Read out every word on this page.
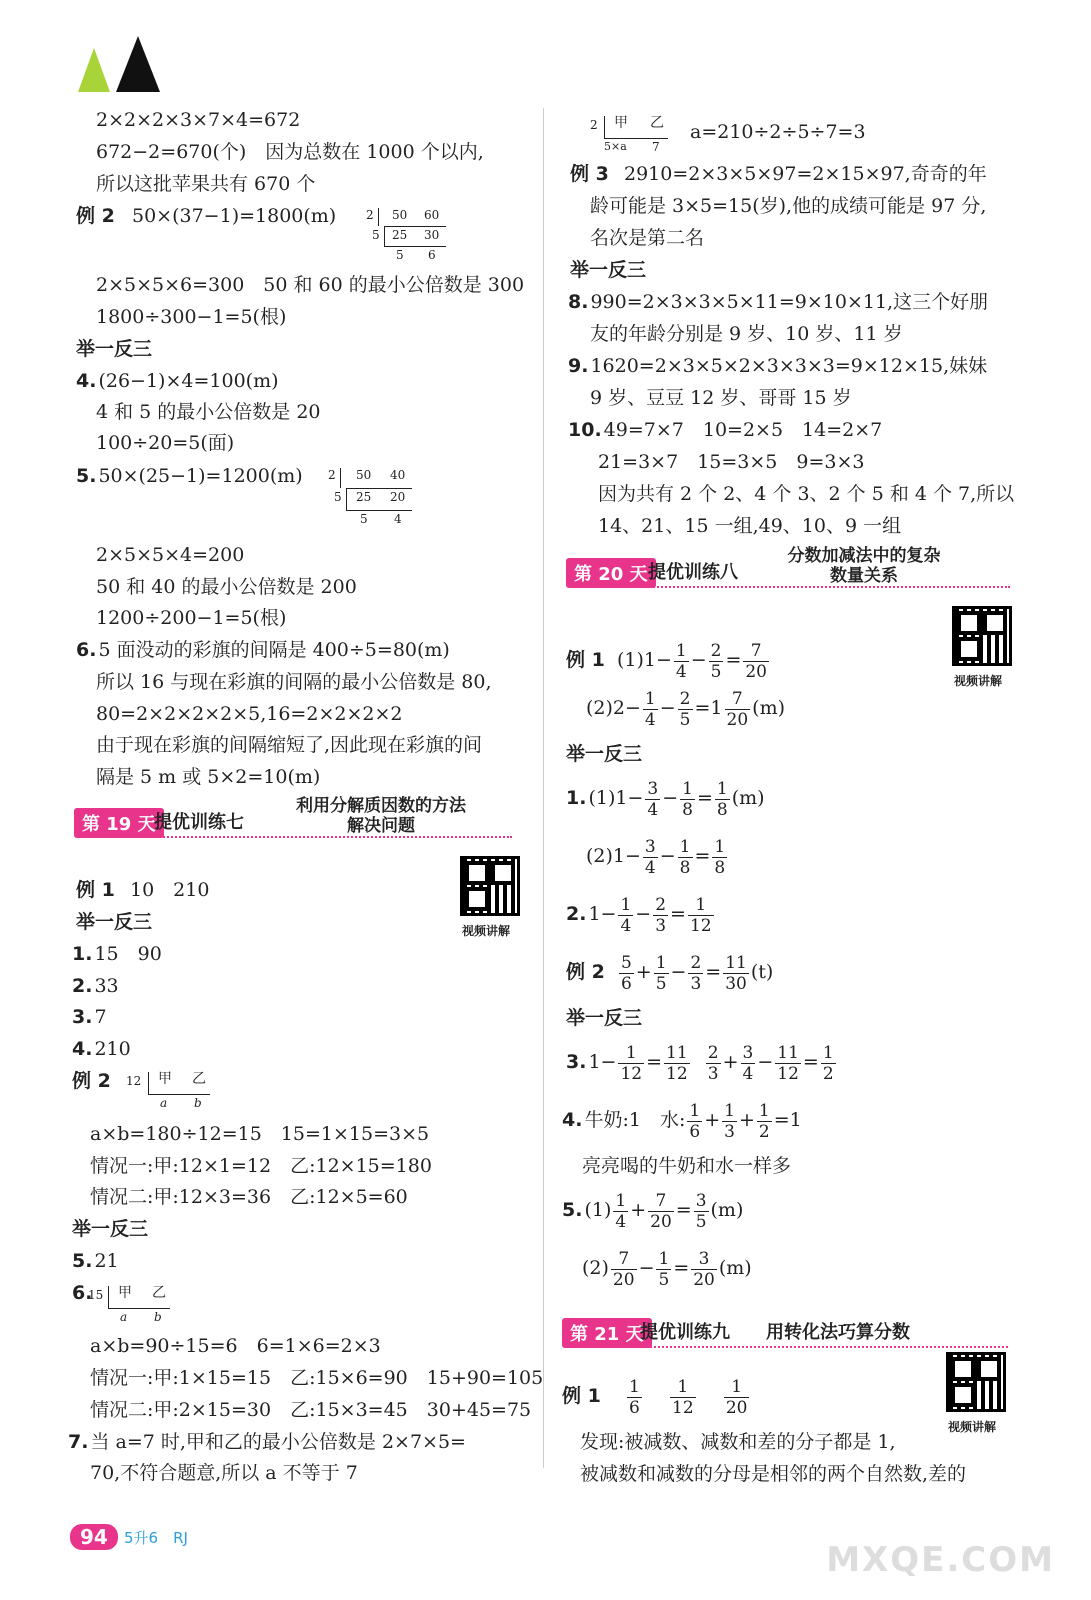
2×2×2×3×7×4=672
672−2=670(个)　因为总数在 1000 个以内,
所以这批苹果共有 670 个
例 2 50×(37−1)=1800(m) 2 50 60
5 25 30
5 6
2×5×5×6=300　50 和 60 的最小公倍数是 300
1800÷300−1=5(根)
举一反三
4. (26−1)×4=100(m)
4 和 5 的最小公倍数是 20
100÷20=5(面)
5. 50×(25−1)=1200(m) 2 50 40
5 25 20
5 4
2×5×5×4=200
50 和 40 的最小公倍数是 200
1200÷200−1=5(根)
6. 5 面没动的彩旗的间隔是 400÷5=80(m)
所以 16 与现在彩旗的间隔的最小公倍数是 80,
80=2×2×2×2×5,16=2×2×2×2
由于现在彩旗的间隔缩短了,因此现在彩旗的间
隔是 5 m 或 5×2=10(m)
第 19 天
提优训练七
利用分解质因数的方法
解决问题
视频讲解
例 1 10　210
举一反三
1. 15　90
2. 33
3. 7
4. 210
例 2 12 甲 乙
a b
a×b=180÷12=15　15=1×15=3×5
情况一:甲:12×1=12　乙:12×15=180
情况二:甲:12×3=36　乙:12×5=60
举一反三
5. 21
6.
15 甲 乙
a b
a×b=90÷15=6　6=1×6=2×3
情况一:甲:1×15=15　乙:15×6=90　15+90=105
情况二:甲:2×15=30　乙:15×3=45　30+45=75
7. 当 a=7 时,甲和乙的最小公倍数是 2×7×5=
70,不符合题意,所以 a 不等于 7
2 甲 乙
5×a 7
a=210÷2÷5÷7=3
例 3 2910=2×3×5×97=2×15×97,奇奇的年
龄可能是 3×5=15(岁),他的成绩可能是 97 分,
名次是第二名
举一反三
8. 990=2×3×3×5×11=9×10×11,这三个好朋
友的年龄分别是 9 岁、10 岁、11 岁
9. 1620=2×3×5×2×3×3×3=9×12×15,妹妹
9 岁、豆豆 12 岁、哥哥 15 岁
10. 49=7×7　10=2×5　14=2×7
21=3×7　15=3×5　9=3×3
因为共有 2 个 2、4 个 3、2 个 5 和 4 个 7,所以
14、21、15 一组,49、10、9 一组
第 20 天 提优训练八
分数加减法中的复杂
数量关系
视频讲解
例 1 $(1)1- \frac{1}{4} - \frac{2}{5} = \frac{7}{20}$
$(2)2- \frac{1}{4} - \frac{2}{5} =1 \frac{7}{20} (m)$
举一反三
1. $(1)1- \frac{3}{4} - \frac{1}{8} = \frac{1}{8} (m)$
$(2)1- \frac{3}{4} - \frac{1}{8} = \frac{1}{8}$
2. $1- \frac{1}{4} - \frac{2}{3} = \frac{1}{12}$
例 $2 \frac{5}{6} + \frac{1}{5} - \frac{2}{3} = \frac{11}{30} (t)$
举一反三
3. $1- \frac{1}{12} = \frac{11}{12}$
$\frac{2}{3} + \frac{3}{4} - \frac{11}{12} = \frac{1}{2}$
4. 牛奶:1　水: $\frac{1}{6} + \frac{1}{3} + \frac{1}{2} =1$
亮亮喝的牛奶和水一样多
5. $(1) \frac{1}{4} + \frac{7}{20} = \frac{3}{5} (m)$
$(2) \frac{7}{20} - \frac{1}{5} = \frac{3}{20} (m)$
第 21 天
提优训练九 用转化法巧算分数
视频讲解
例 $1 \frac{1}{6}$
$\frac{1}{12}$
$\frac{1}{20}$
发现:被减数、减数和差的分子都是 1,
被减数和减数的分母是相邻的两个自然数,差的
94	5升6　RJ
MXQE.COM
